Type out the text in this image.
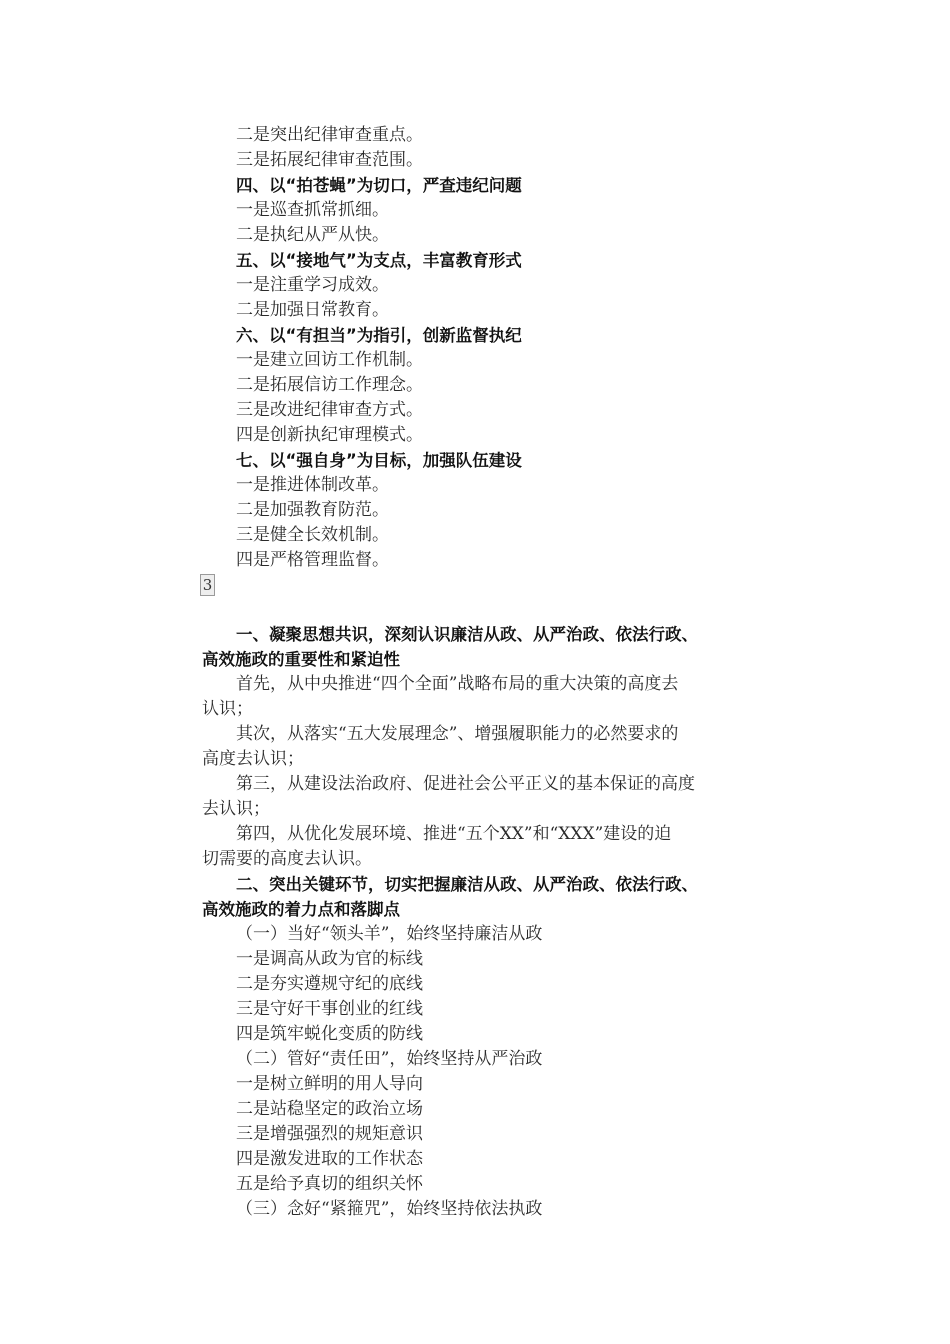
二是突出纪律审查重点。
三是拓展纪律审查范围。
四、以“拍苍蝇”为切口，严查违纪问题
一是巡查抓常抓细。
二是执纪从严从快。
五、以“接地气”为支点，丰富教育形式
一是注重学习成效。
二是加强日常教育。
六、以“有担当”为指引，创新监督执纪
一是建立回访工作机制。
二是拓展信访工作理念。
三是改进纪律审查方式。
四是创新执纪审理模式。
七、以“强自身”为目标，加强队伍建设
一是推进体制改革。
二是加强教育防范。
三是健全长效机制。
四是严格管理监督。
3
一、凝聚思想共识，深刻认识廉洁从政、从严治政、依法行政、
高效施政的重要性和紧迫性
首先，从中央推进“四个全面”战略布局的重大决策的高度去
认识；
其次，从落实“五大发展理念”、增强履职能力的必然要求的
高度去认识；
第三，从建设法治政府、促进社会公平正义的基本保证的高度
去认识；
第四，从优化发展环境、推进“五个XX”和“XXX”建设的迫
切需要的高度去认识。
二、突出关键环节，切实把握廉洁从政、从严治政、依法行政、
高效施政的着力点和落脚点
（一）当好“领头羊”，始终坚持廉洁从政
一是调高从政为官的标线
二是夯实遵规守纪的底线
三是守好干事创业的红线
四是筑牢蜕化变质的防线
（二）管好“责任田”，始终坚持从严治政
一是树立鲜明的用人导向
二是站稳坚定的政治立场
三是增强强烈的规矩意识
四是激发进取的工作状态
五是给予真切的组织关怀
（三）念好“紧箍咒”，始终坚持依法执政
